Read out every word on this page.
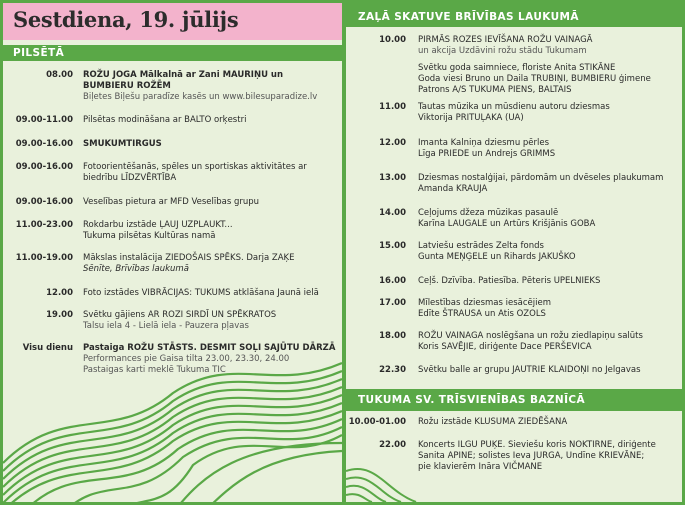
Sestdiena, 19. jūlijs
PILSĒTĀ
08.00 ROŽU JOGA Mālkalnā ar Zani MAURIŅU un
BUMBIERU ROŽĒM
Biļetes Biļešu paradīze kasēs un www.bilesuparadize.lv
09.00-11.00 Pilsētas modināšana ar BALTO orķestri
09.00-16.00 SMUKUMTIRGUS
09.00-16.00 Fotoorientēšanās, spēles un sportiskas aktivitātes ar
biedrību LĪDZVĒRTĪBA
09.00-16.00 Veselības pietura ar MFD Veselības grupu
11.00-23.00 Rokdarbu izstāde ĻAUJ UZPLAUKT...
Tukuma pilsētas Kultūras namā
11.00-19.00 Mākslas instalācija ZIEDOŠAIS SPĒKS. Darja ZAĶE
Sēnīte, Brīvības laukumā
12.00 Foto izstādes VIBRĀCIJAS: TUKUMS atklāšana Jaunā ielā
19.00 Svētku gājiens AR ROZI SIRDĪ UN SPĒKRATOS
Talsu iela 4 - Lielā iela - Pauzera pļavas
Visu dienu Pastaiga ROŽU STĀSTS. DESMIT SOĻI SAJŪTU DĀRZĀ
Performances pie Gaisa tilta 23.00, 23.30, 24.00
Pastaigas karti meklē Tukuma TIC
ZAĻĀ SKATUVE BRĪVĪBAS LAUKUMĀ
10.00 PIRMĀS ROZES IEVĪŠANA ROŽU VAINAGĀ
un akcija Uzdāvini rožu stādu Tukumam
Svētku goda saimniece, floriste Anita STIKĀNE
Goda viesi Bruno un Daila TRUBIŅI, BUMBIERU ģimene
Patrons A/S TUKUMA PIENS, BALTAIS
11.00 Tautas mūzika un mūsdienu autoru dziesmas
Viktorija PRITUĻAKA (UA)
12.00 Imanta Kalniņa dziesmu pērles
Līga PRIEDE un Andrejs GRIMMS
13.00 Dziesmas nostalģijai, pārdomām un dvēseles plaukumam
Amanda KRAUJA
14.00 Ceļojums džeza mūzikas pasaulē
Karīna LAUGALE un Artūrs Krišjānis GOBA
15.00 Latviešu estrādes Zelta fonds
Gunta MEŅĢELE un Rihards JAKUŠKO
16.00 Ceļš. Dzīvība. Patiesība. Pēteris UPELNIEKS
17.00 Mīlestības dziesmas iesācējiem
Edīte ŠTRAUSA un Atis OZOLS
18.00 ROŽU VAINAGA noslēgšana un rožu ziedlapiņu salūts
Koris SAVĒJIE, diriģente Dace PERŠEVICA
22.30 Svētku balle ar grupu JAUTRIE KLAIDOŅI no Jelgavas
TUKUMA SV. TRĪSVIENĪBAS BAZNĪCĀ
10.00-01.00 Rožu izstāde KLUSUMA ZIEDĒŠANA
22.00 Koncerts ILGU PUĶE. Sieviešu koris NOKTIRNE, diriģente
Sanita APINE; solistes Ieva JURGA, Undīne KRIEVĀNE;
pie klavierēm Ināra VIČMANE
